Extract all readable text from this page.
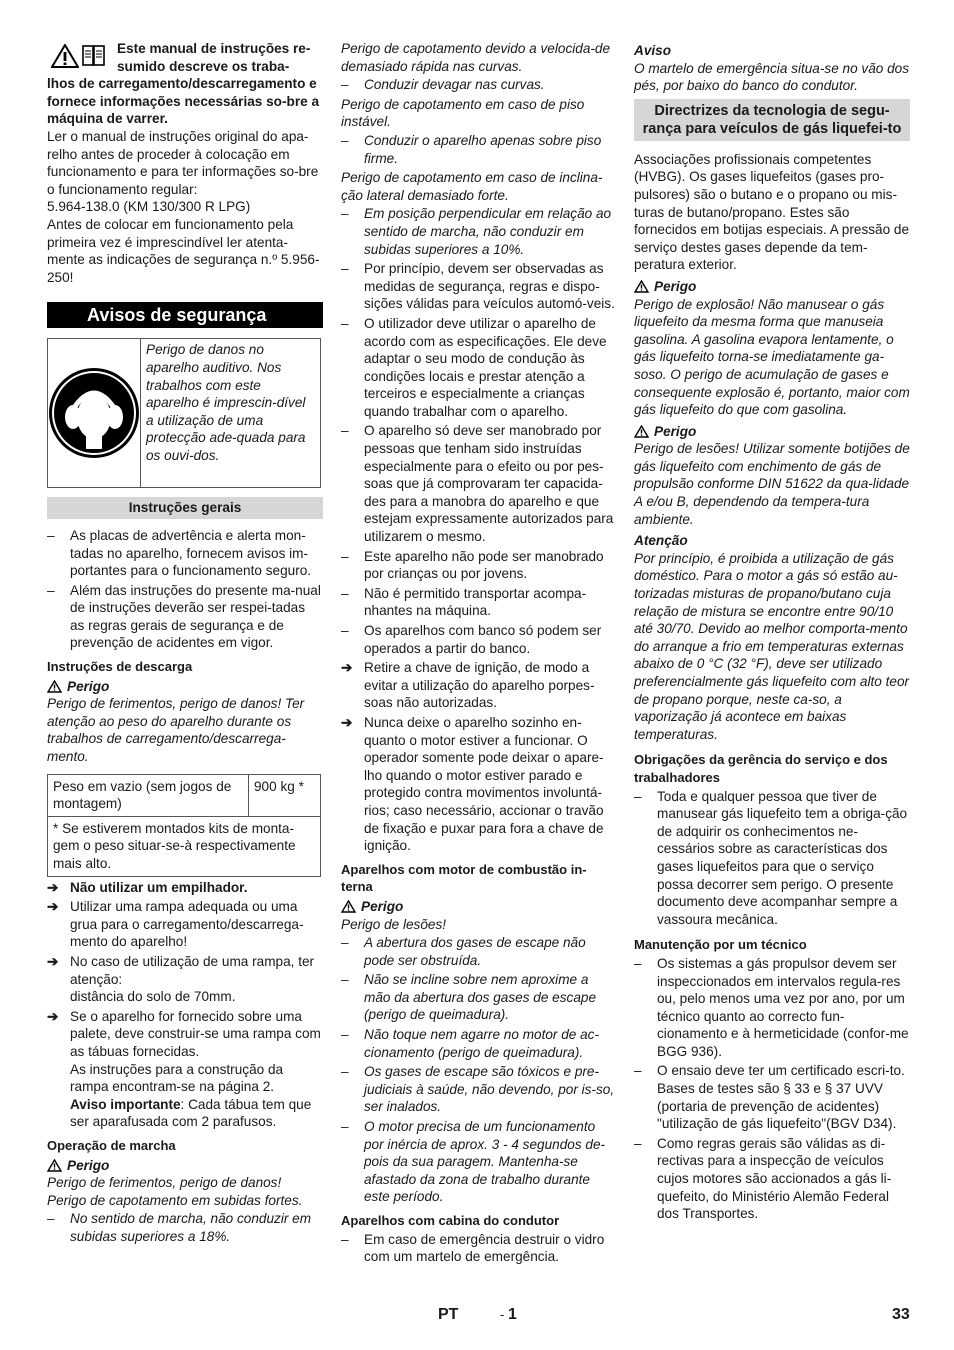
Este manual de instruções re-sumido descreve os traba-

lhos de carregamento/descarregamento e fornece informações necessárias so-bre a máquina de varrer.

Ler o manual de instruções original do apa-relho antes de proceder à colocação em funcionamento e para ter informações so-bre o funcionamento regular:

5.964-138.0 (KM 130/300 R LPG)

Antes de colocar em funcionamento pela primeira vez é imprescindível ler atenta-mente as indicações de segurança n.º 5.956-250!

Avisos de segurança
Perigo de danos no aparelho auditivo. Nos trabalhos com este aparelho é imprescin-dível a utilização de uma protecção ade-quada para os ouvi-dos.
Instruções gerais
– As placas de advertência e alerta mon-tadas no aparelho, fornecem avisos im-portantes para o funcionamento seguro.
– Além das instruções do presente ma-nual de instruções deverão ser respei-tadas as regras gerais de segurança e de prevenção de acidentes em vigor.

Instruções de descarga

Perigo

Perigo de ferimentos, perigo de danos! Ter atenção ao peso do aparelho durante os trabalhos de carregamento/descarrega-mento.

Peso em vazio (sem jogos de montagem)	900 kg *
* Se estiverem montados kits de monta-gem o peso situar-se-à respectivamente mais alto.
➔ Não utilizar um empilhador.
➔ Utilizar uma rampa adequada ou uma grua para o carregamento/descarrega-mento do aparelho!
➔ No caso de utilização de uma rampa, ter atenção:
distância do solo de 70mm.
➔ Se o aparelho for fornecido sobre uma palete, deve construir-se uma rampa com as tábuas fornecidas.
As instruções para a construção da rampa encontram-se na página 2.
Aviso importante: Cada tábua tem que ser aparafusada com 2 parafusos.

Operação de marcha

Perigo

Perigo de ferimentos, perigo de danos!

Perigo de capotamento em subidas fortes.

– No sentido de marcha, não conduzir em subidas superiores a 18%.

Perigo de capotamento devido a velocida-de demasiado rápida nas curvas.

– Conduzir devagar nas curvas.

Perigo de capotamento em caso de piso instável.

– Conduzir o aparelho apenas sobre piso firme.

Perigo de capotamento em caso de inclina-ção lateral demasiado forte.

– Em posição perpendicular em relação ao sentido de marcha, não conduzir em subidas superiores a 10%.
– Por princípio, devem ser observadas as medidas de segurança, regras e dispo-sições válidas para veículos automó-veis.
– O utilizador deve utilizar o aparelho de acordo com as especificações. Ele deve adaptar o seu modo de condução às condições locais e prestar atenção a terceiros e especialmente a crianças quando trabalhar com o aparelho.
– O aparelho só deve ser manobrado por pessoas que tenham sido instruídas especialmente para o efeito ou por pes-soas que já comprovaram ter capacida-des para a manobra do aparelho e que estejam expressamente autorizados para utilizarem o mesmo.
– Este aparelho não pode ser manobrado por crianças ou por jovens.
– Não é permitido transportar acompa-nhantes na máquina.
– Os aparelhos com banco só podem ser operados a partir do banco.
➔ Retire a chave de ignição, de modo a evitar a utilização do aparelho porpes-soas não autorizadas.
➔ Nunca deixe o aparelho sozinho en-quanto o motor estiver a funcionar. O operador somente pode deixar o apare-lho quando o motor estiver parado e protegido contra movimentos involuntá-rios; caso necessário, accionar o travão de fixação e puxar para fora a chave de ignição.

Aparelhos com motor de combustão in-terna

Perigo

Perigo de lesões!

– A abertura dos gases de escape não pode ser obstruída.
– Não se incline sobre nem aproxime a mão da abertura dos gases de escape (perigo de queimadura).
– Não toque nem agarre no motor de ac-cionamento (perigo de queimadura).
– Os gases de escape são tóxicos e pre-judiciais à saúde, não devendo, por is-so, ser inalados.
– O motor precisa de um funcionamento por inércia de aprox. 3 - 4 segundos de-pois da sua paragem. Mantenha-se afastado da zona de trabalho durante este período.

Aparelhos com cabina do condutor

– Em caso de emergência destruir o vidro com um martelo de emergência.

Aviso

O martelo de emergência situa-se no vão dos pés, por baixo do banco do condutor.

Directrizes da tecnologia de segu-rança para veículos de gás liquefei-to

Associações profissionais competentes (HVBG). Os gases liquefeitos (gases pro-pulsores) são o butano e o propano ou mis-turas de butano/propano. Estes são fornecidos em botijas especiais. A pressão de serviço destes gases depende da tem-peratura exterior.

Perigo

Perigo de explosão! Não manusear o gás liquefeito da mesma forma que manuseia gasolina. A gasolina evapora lentamente, o gás liquefeito torna-se imediatamente ga-soso. O perigo de acumulação de gases e consequente explosão é, portanto, maior com gás liquefeito do que com gasolina.

Perigo

Perigo de lesões! Utilizar somente botijões de gás liquefeito com enchimento de gás de propulsão conforme DIN 51622 da qua-lidade A e/ou B, dependendo da tempera-tura ambiente.

Atenção

Por princípio, é proibida a utilização de gás doméstico. Para o motor a gás só estão au-torizadas misturas de propano/butano cuja relação de mistura se encontre entre 90/10 até 30/70. Devido ao melhor comporta-mento do arranque a frio em temperaturas externas abaixo de 0 °C (32 °F), deve ser utilizado preferencialmente gás liquefeito com alto teor de propano porque, neste ca-so, a vaporização já acontece em baixas temperaturas.

Obrigações da gerência do serviço e dos trabalhadores

– Toda e qualquer pessoa que tiver de manusear gás liquefeito tem a obriga-ção de adquirir os conhecimentos ne-cessários sobre as características dos gases liquefeitos para que o serviço possa decorrer sem perigo. O presente documento deve acompanhar sempre a vassoura mecânica.

Manutenção por um técnico

– Os sistemas a gás propulsor devem ser inspeccionados em intervalos regula-res ou, pelo menos uma vez por ano, por um técnico quanto ao correcto fun-cionamento e à hermeticidade (confor-me BGG 936).
– O ensaio deve ter um certificado escri-to. Bases de testes são § 33 e § 37 UVV (portaria de prevenção de acidentes) "utilização de gás liquefeito"(BGV D34).
– Como regras gerais são válidas as di-rectivas para a inspecção de veículos cujos motores são accionados a gás li-quefeito, do Ministério Alemão Federal dos Transportes.
PT	- 1	33
